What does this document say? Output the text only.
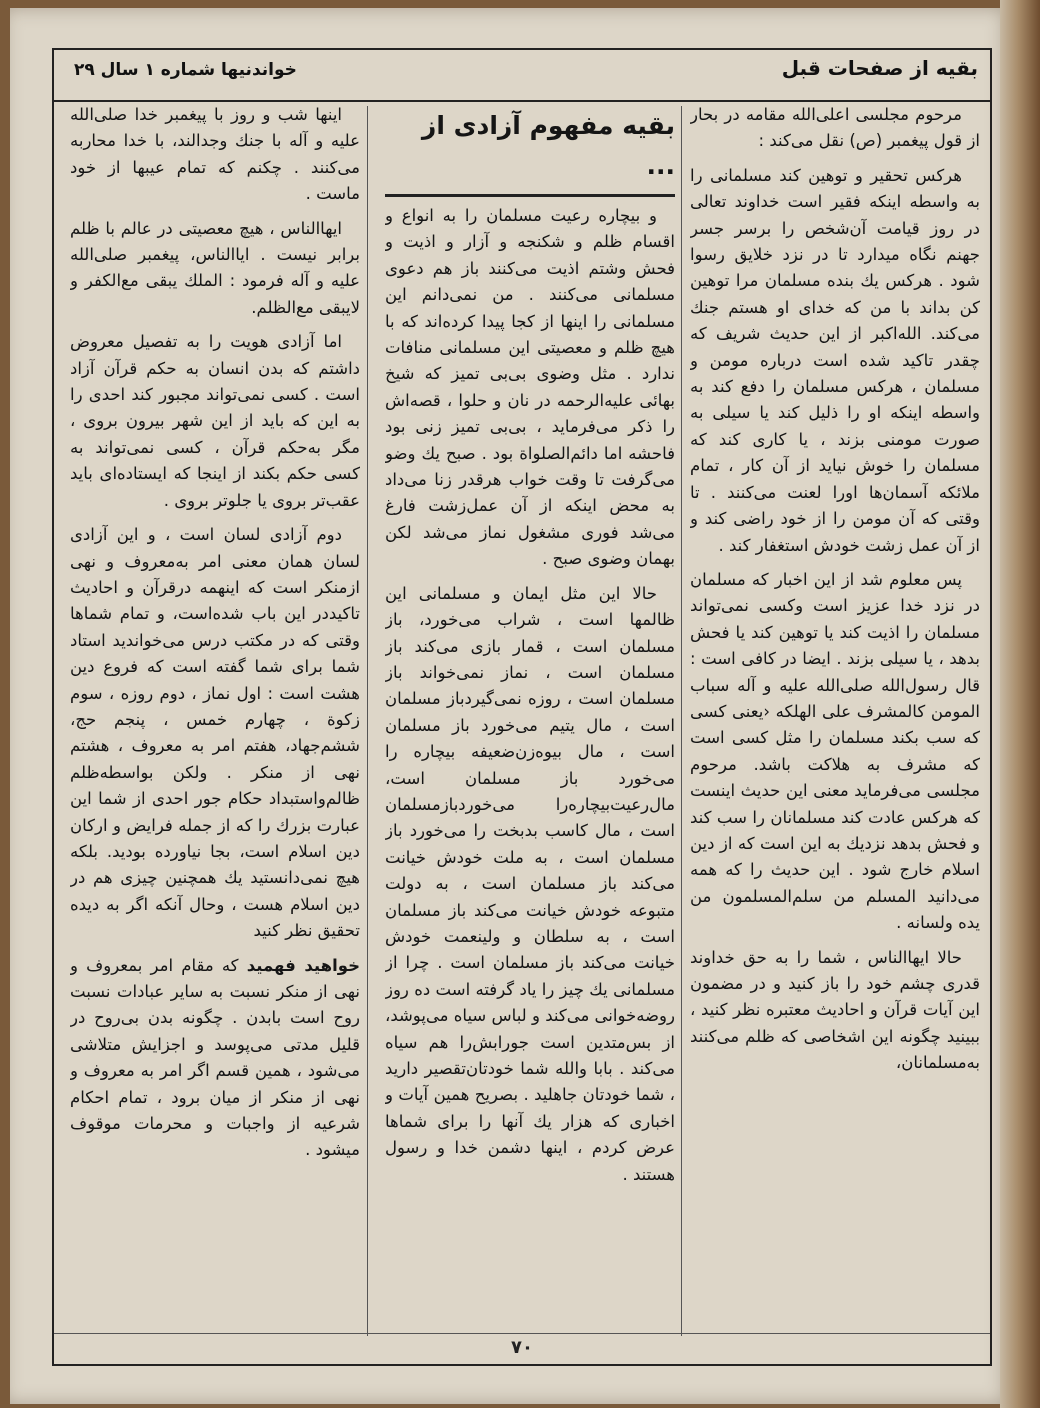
بقیه از صفحات قبل
خواندنیها شماره ۱ سال ۲۹

مرحوم مجلسی اعلی‌الله مقامه در بحار از قول پیغمبر (ص) نقل می‌کند :

هرکس تحقیر و توهین کند مسلمانی را به واسطه اینکه فقیر است خداوند تعالی در روز قیامت آن‌شخص را برسر جسر جهنم نگاه میدارد تا در نزد خلایق رسوا شود . هرکس یك بنده مسلمان مرا توهین کن بداند با من که خدای او هستم جنك می‌کند. الله‌اکبر از این حدیث شریف که چقدر تاکید شده است درباره مومن و مسلمان ، هرکس مسلمان را دفع کند به واسطه اینکه او را ذلیل کند یا سیلی به صورت مومنی بزند ، یا کاری کند که مسلمان را خوش نیاید از آن کار ، تمام ملائکه آسمان‌ها اورا لعنت می‌کنند . تا وقتی که آن مومن را از خود راضی کند و از آن عمل زشت خودش استغفار کند .

پس معلوم شد از این اخبار که مسلمان در نزد خدا عزیز است وکسی نمی‌تواند مسلمان را اذیت کند یا توهین کند یا فحش بدهد ، یا سیلی بزند . ایضا در کافی است : قال رسول‌الله صلی‌الله علیه و آله سباب المومن کالمشرف علی الهلکه ‹یعنی کسی که سب بکند مسلمان را مثل کسی است که مشرف به هلاکت باشد. مرحوم مجلسی می‌فرماید معنی این حدیث اینست که هرکس عادت کند مسلمانان را سب کند و فحش بدهد نزدیك به این است که از دین اسلام خارج شود . این حدیث را که همه می‌دانید المسلم من سلم‌المسلمون من یده ولسانه .

حالا ایهاالناس ، شما را به حق خداوند قدری چشم خود را باز کنید و در مضمون این آیات قرآن و احادیث معتبره نظر کنید ، ببینید چگونه این اشخاصی که ظلم می‌کنند به‌مسلمانان،

بقیه مفهوم آزادی از ...

و بیچاره رعیت مسلمان را به انواع و اقسام ظلم و شکنجه و آزار و اذیت و فحش وشتم اذیت می‌کنند باز هم دعوی مسلمانی می‌کنند . من نمی‌دانم این مسلمانی را اینها از کجا پیدا کرده‌اند که با هیچ ظلم و معصیتی این مسلمانی منافات ندارد . مثل وضوی بی‌بی تمیز که شیخ بهائی علیه‌الرحمه در نان و حلوا ، قصه‌اش را ذکر می‌فرماید ، بی‌بی تمیز زنی بود فاحشه اما دائم‌الصلواة بود . صبح یك وضو می‌گرفت تا وقت خواب هرقدر زنا می‌داد به محض اینکه از آن عمل‌زشت فارغ می‌شد فوری مشغول نماز می‌شد لکن بهمان وضوی صبح .

حالا این مثل ایمان و مسلمانی این ظالمها است ، شراب می‌خورد، باز مسلمان است ، قمار بازی می‌کند باز مسلمان است ، نماز نمی‌خواند باز مسلمان است ، روزه نمی‌گیرد‌باز مسلمان است ، مال یتیم می‌خورد باز مسلمان است ، مال بیوه‌زن‌ضعیفه بیچاره را می‌خورد باز مسلمان است، مال‌رعیت‌بیچاره‌را می‌خورد‌بازمسلمان است ، مال کاسب بدبخت را می‌خورد باز مسلمان است ، به ملت خودش خیانت می‌کند باز مسلمان است ، به دولت متبوعه خودش خیانت می‌کند باز مسلمان است ، به سلطان و ولینعمت خودش خیانت می‌کند باز مسلمان است . چرا از مسلمانی یك چیز را یاد گرفته است ده روز روضه‌خوانی می‌کند و لباس سیاه می‌پوشد، از بس‌متدین است جورابش‌را هم سیاه می‌کند . بابا والله شما خودتان‌تقصیر دارید ، شما خودتان جاهلید . بصریح همین آیات و اخباری که هزار یك آنها را برای شماها عرض کردم ، اینها دشمن خدا و رسول هستند .

اینها شب و روز با پیغمبر خدا صلی‌الله علیه و آله با جنك وجدالند، با خدا محاربه می‌کنند . چکنم که تمام عیبها از خود ماست .

ایهاالناس ، هیچ معصیتی در عالم با ظلم برابر نیست . ایاالناس، پیغمبر صلی‌الله علیه و آله فرمود : الملك یبقی مع‌الکفر و لایبقی مع‌الظلم.

اما آزادی هویت را به تفصیل معروض داشتم که بدن انسان به حکم قرآن آزاد است . کسی نمی‌تواند مجبور کند احدی را به این که باید از این شهر بیرون بروی ، مگر به‌حکم قرآن ، کسی نمی‌تواند به کسی حکم بکند از اینجا که ایستاده‌ای باید عقب‌تر بروی یا جلوتر بروی .

دوم آزادی لسان است ، و این آزادی لسان همان معنی امر به‌معروف و نهی ازمنکر است که اینهمه درقرآن و احادیث تاکیددر این باب شده‌است، و تمام شماها وقتی که در مکتب درس می‌خواندید استاد شما برای شما گفته است که فروع دین هشت است : اول نماز ، دوم روزه ، سوم زکوة ، چهارم خمس ، پنجم حج، ششم‌جهاد، هفتم امر به معروف ، هشتم نهی از منکر . ولکن بواسطه‌ظلم ظالم‌واستبداد حکام جور احدی از شما این عبارت بزرك را که از جمله فرایض و ارکان دین اسلام است، بجا نیاورده بودید. بلکه هیچ نمی‌دانستید یك همچنین چیزی هم در دین اسلام هست ، وحال آنکه اگر به دیده تحقیق نظر کنید

خواهید فهمید که مقام امر بمعروف و نهی از منکر نسبت به سایر عبادات نسبت روح است بابدن . چگونه بدن بی‌روح در قلیل مدتی می‌پوسد و اجزایش متلاشی می‌شود ، همین قسم اگر امر به معروف و نهی از منکر از میان برود ، تمام احکام شرعیه از واجبات و محرمات موقوف میشود .

۷۰
